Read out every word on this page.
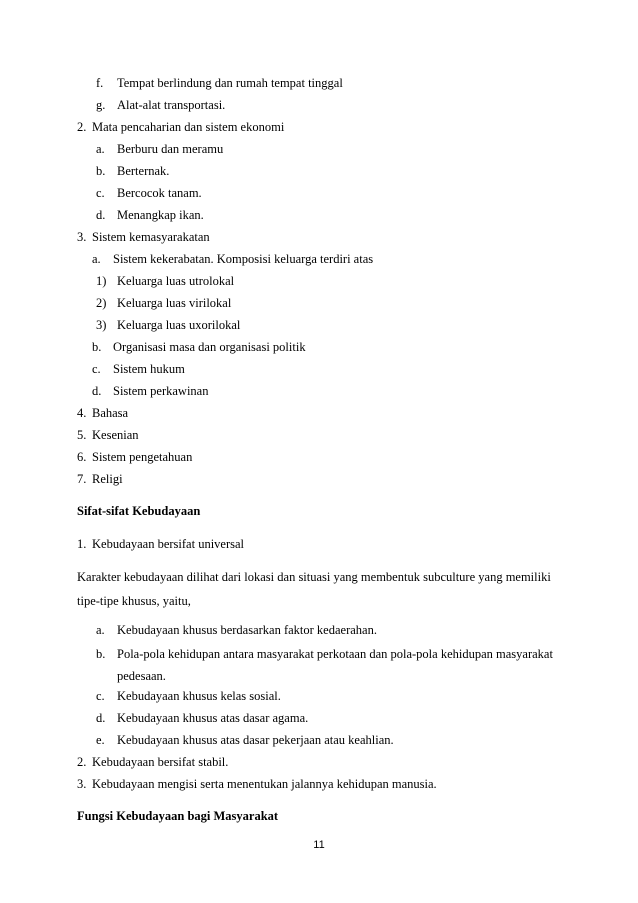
f. Tempat berlindung dan rumah tempat tinggal
g. Alat-alat transportasi.
2. Mata pencaharian dan sistem ekonomi
a. Berburu dan meramu
b. Berternak.
c. Bercocok tanam.
d. Menangkap ikan.
3. Sistem kemasyarakatan
a. Sistem kekerabatan. Komposisi keluarga terdiri atas
1) Keluarga luas utrolokal
2) Keluarga luas virilokal
3) Keluarga luas uxorilokal
b. Organisasi masa dan organisasi politik
c. Sistem hukum
d. Sistem perkawinan
4. Bahasa
5. Kesenian
6. Sistem pengetahuan
7. Religi
Sifat-sifat Kebudayaan
1. Kebudayaan bersifat universal
Karakter kebudayaan dilihat dari lokasi dan situasi yang membentuk subculture yang memiliki
tipe-tipe khusus, yaitu,
a. Kebudayaan khusus berdasarkan faktor kedaerahan.
b. Pola-pola kehidupan antara masyarakat perkotaan dan pola-pola kehidupan masyarakat
pedesaan.
c. Kebudayaan khusus kelas sosial.
d. Kebudayaan khusus atas dasar agama.
e. Kebudayaan khusus atas dasar pekerjaan atau keahlian.
2. Kebudayaan bersifat stabil.
3. Kebudayaan mengisi serta menentukan jalannya kehidupan manusia.
Fungsi Kebudayaan bagi Masyarakat
11
